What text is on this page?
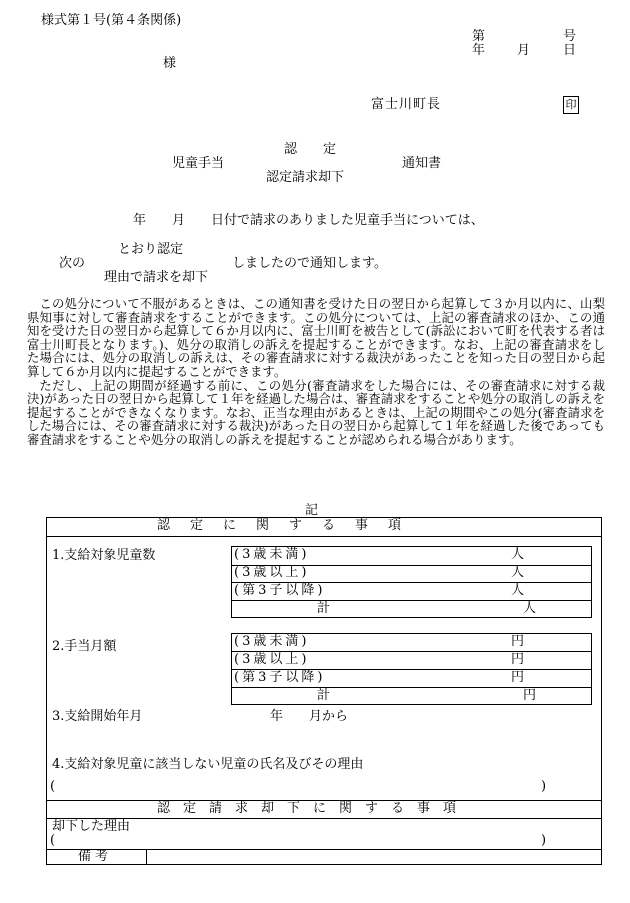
様式第１号(第４条関係)
第	号
年 月	日
様
富士川町長	印
認　　定
児童手当	通知書
認定請求却下
年　　月　　日付で請求のありました児童手当については、
とおり認定
次の	しましたので通知します。
理由で請求を却下

この処分について不服があるときは、この通知書を受けた日の翌日から起算して３か月以内に、山梨県知事に対して審査請求をすることができます。この処分については、上記の審査請求のほか、この通知を受けた日の翌日から起算して６か月以内に、富士川町を被告として(訴訟において町を代表する者は富士川町長となります。)、処分の取消しの訴えを提起することができます。なお、上記の審査請求をした場合には、処分の取消しの訴えは、その審査請求に対する裁決があったことを知った日の翌日から起算して６か月以内に提起することができます。

ただし、上記の期間が経過する前に、この処分(審査請求をした場合には、その審査請求に対する裁決)があった日の翌日から起算して１年を経過した場合は、審査請求をすることや処分の取消しの訴えを提起することができなくなります。なお、正当な理由があるときは、上記の期間やこの処分(審査請求をした場合には、その審査請求に対する裁決)があった日の翌日から起算して１年を経過した後であっても審査請求をすることや処分の取消しの訴えを提起することが認められる場合があります。

記
認定に関する事項
1.支給対象児童数	(3歳未満)	人
(3歳以上)	人
(第3子以降)	人
計	人
2.手当月額	(3歳未満)	円
(3歳以上)	円
(第3子以降)	円
計	円
3.支給開始年月	年　　月から
4.支給対象児童に該当しない児童の氏名及びその理由
(	)
認定請求却下に関する事項
却下した理由
(	)
備考
